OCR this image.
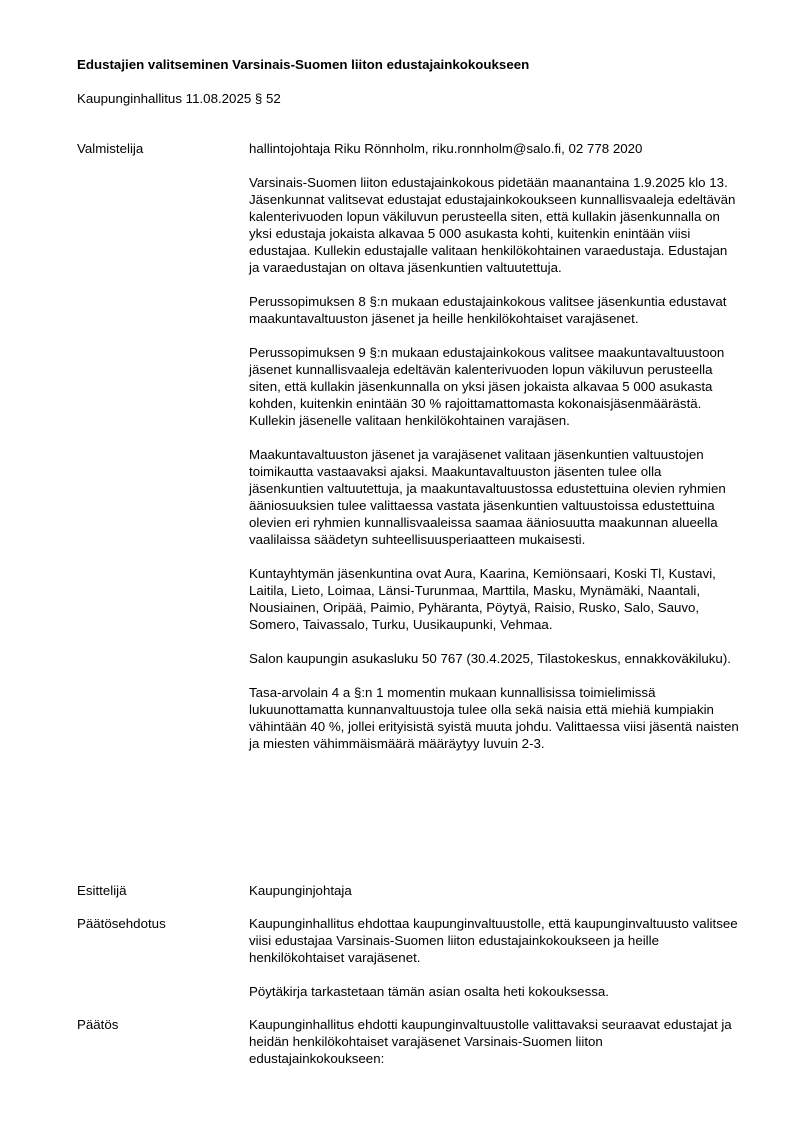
Edustajien valitseminen Varsinais-Suomen liiton edustajainkokoukseen
Kaupunginhallitus 11.08.2025 § 52
Valmistelija	hallintojohtaja Riku Rönnholm, riku.ronnholm@salo.fi, 02 778 2020

Varsinais-Suomen liiton edustajainkokous pidetään maanantaina 1.9.2025 klo 13. Jäsenkunnat valitsevat edustajat edustajainkokoukseen kunnallisvaaleja edeltävän kalenterivuoden lopun väkiluvun perusteella siten, että kullakin jäsenkunnalla on yksi edustaja jokaista alkavaa 5 000 asukasta kohti, kuitenkin enintään viisi edustajaa. Kullekin edustajalle valitaan henkilökohtainen varaedustaja. Edustajan ja varaedustajan on oltava jäsenkuntien valtuutettuja.

Perussopimuksen 8 §:n mukaan edustajainkokous valitsee jäsenkuntia edustavat maakuntavaltuuston jäsenet ja heille henkilökohtaiset varajäsenet.

Perussopimuksen 9 §:n mukaan edustajainkokous valitsee maakuntavaltuustoon jäsenet kunnallisvaaleja edeltävän kalenterivuoden lopun väkiluvun perusteella siten, että kullakin jäsenkunnalla on yksi jäsen jokaista alkavaa 5 000 asukasta kohden, kuitenkin enintään 30 % rajoittamattomasta kokonaisjäsenmäärästä. Kullekin jäsenelle valitaan henkilökohtainen varajäsen.

Maakuntavaltuuston jäsenet ja varajäsenet valitaan jäsenkuntien valtuustojen toimikautta vastaavaksi ajaksi. Maakuntavaltuuston jäsenten tulee olla jäsenkuntien valtuutettuja, ja maakuntavaltuustossa edustettuina olevien ryhmien ääniosuuksien tulee valittaessa vastata jäsenkuntien valtuustoissa edustettuina olevien eri ryhmien kunnallisvaaleissa saamaa ääniosuutta maakunnan alueella vaalilaissa säädetyn suhteellisuusperiaatteen mukaisesti.

Kuntayhtymän jäsenkuntina ovat Aura, Kaarina, Kemiönsaari, Koski Tl, Kustavi, Laitila, Lieto, Loimaa, Länsi-Turunmaa, Marttila, Masku, Mynämäki, Naantali, Nousiainen, Oripää, Paimio, Pyhäranta, Pöytyä, Raisio, Rusko, Salo, Sauvo, Somero, Taivassalo, Turku, Uusikaupunki, Vehmaa.

Salon kaupungin asukasluku 50 767 (30.4.2025, Tilastokeskus, ennakkoväkiluku).

Tasa-arvolain 4 a §:n 1 momentin mukaan kunnallisissa toimielimissä lukuunottamatta kunnanvaltuustoja tulee olla sekä naisia että miehiä kumpiakin vähintään 40 %, jollei erityisistä syistä muuta johdu. Valittaessa viisi jäsentä naisten ja miesten vähimmäismäärä määräytyy luvuin 2-3.

Esittelijä	Kaupunginjohtaja
Päätösehdotus	Kaupunginhallitus ehdottaa kaupunginvaltuustolle, että kaupunginvaltuusto valitsee viisi edustajaa Varsinais-Suomen liiton edustajainkokoukseen ja heille henkilökohtaiset varajäsenet.

Pöytäkirja tarkastetaan tämän asian osalta heti kokouksessa.

Päätös	Kaupunginhallitus ehdotti kaupunginvaltuustolle valittavaksi seuraavat edustajat ja heidän henkilökohtaiset varajäsenet Varsinais-Suomen liiton edustajainkokoukseen:
